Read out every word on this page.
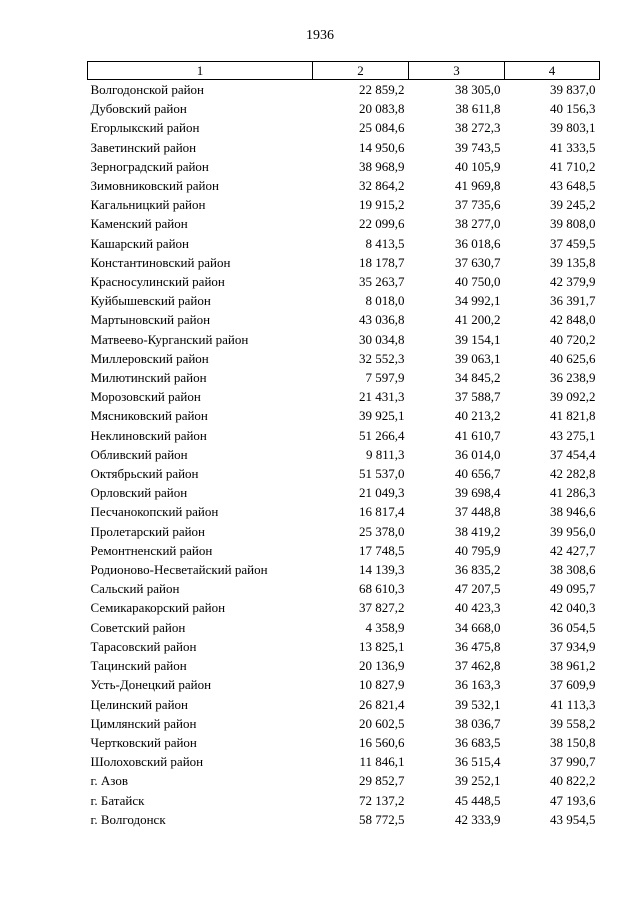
1936
1	2	3	4
Волгодонской район	22 859,2	38 305,0	39 837,0
Дубовский район	20 083,8	38 611,8	40 156,3
Егорлыкский район	25 084,6	38 272,3	39 803,1
Заветинский район	14 950,6	39 743,5	41 333,5
Зерноградский район	38 968,9	40 105,9	41 710,2
Зимовниковский район	32 864,2	41 969,8	43 648,5
Кагальницкий район	19 915,2	37 735,6	39 245,2
Каменский район	22 099,6	38 277,0	39 808,0
Кашарский район	8 413,5	36 018,6	37 459,5
Константиновский район	18 178,7	37 630,7	39 135,8
Красносулинский район	35 263,7	40 750,0	42 379,9
Куйбышевский район	8 018,0	34 992,1	36 391,7
Мартыновский район	43 036,8	41 200,2	42 848,0
Матвеево-Курганский район	30 034,8	39 154,1	40 720,2
Миллеровский район	32 552,3	39 063,1	40 625,6
Милютинский район	7 597,9	34 845,2	36 238,9
Морозовский район	21 431,3	37 588,7	39 092,2
Мясниковский район	39 925,1	40 213,2	41 821,8
Неклиновский район	51 266,4	41 610,7	43 275,1
Обливский район	9 811,3	36 014,0	37 454,4
Октябрьский район	51 537,0	40 656,7	42 282,8
Орловский район	21 049,3	39 698,4	41 286,3
Песчанокопский район	16 817,4	37 448,8	38 946,6
Пролетарский район	25 378,0	38 419,2	39 956,0
Ремонтненский район	17 748,5	40 795,9	42 427,7
Родионово-Несветайский район	14 139,3	36 835,2	38 308,6
Сальский район	68 610,3	47 207,5	49 095,7
Семикаракорский район	37 827,2	40 423,3	42 040,3
Советский район	4 358,9	34 668,0	36 054,5
Тарасовский район	13 825,1	36 475,8	37 934,9
Тацинский район	20 136,9	37 462,8	38 961,2
Усть-Донецкий район	10 827,9	36 163,3	37 609,9
Целинский район	26 821,4	39 532,1	41 113,3
Цимлянский район	20 602,5	38 036,7	39 558,2
Чертковский район	16 560,6	36 683,5	38 150,8
Шолоховский район	11 846,1	36 515,4	37 990,7
г. Азов	29 852,7	39 252,1	40 822,2
г. Батайск	72 137,2	45 448,5	47 193,6
г. Волгодонск	58 772,5	42 333,9	43 954,5
